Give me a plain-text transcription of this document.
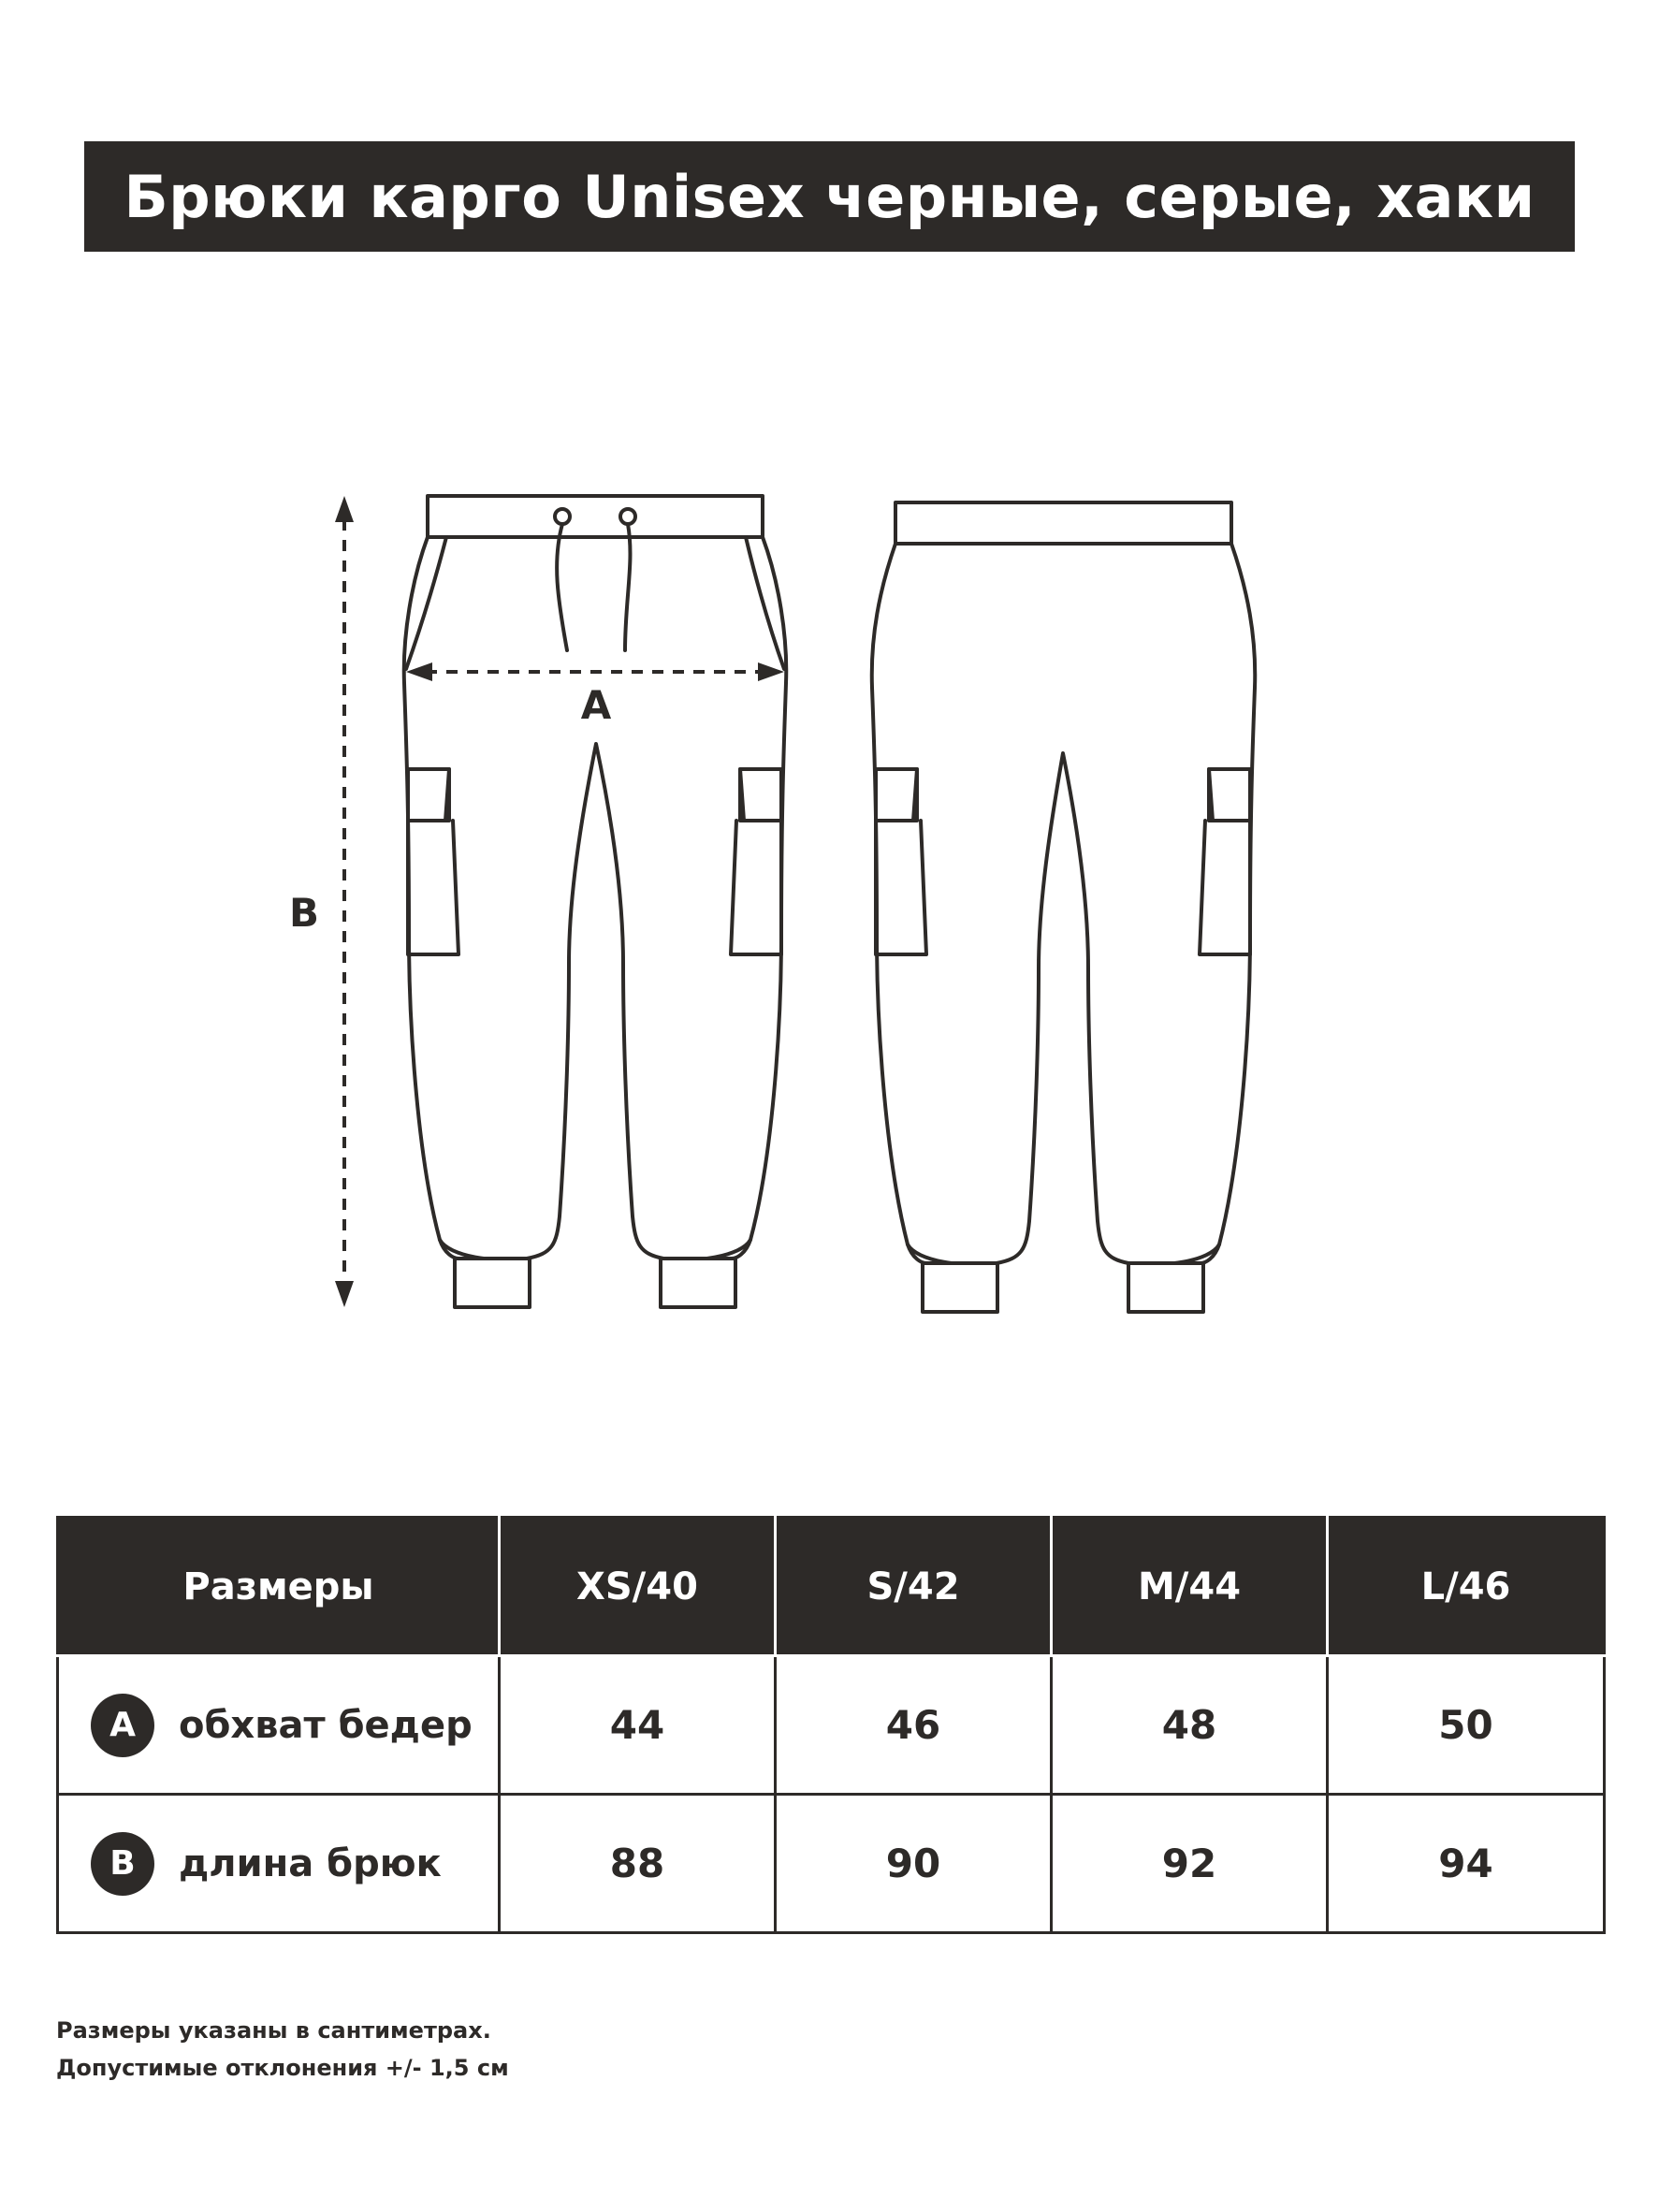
Брюки карго Unisex черные, серые, хаки
A
B
Размеры	XS/40	S/42	M/44	L/46

A обхват бедер	44	46	48	50

B длина брюк	88	90	92	94
Размеры указаны в сантиметрах.
Допустимые отклонения +/- 1,5 см
